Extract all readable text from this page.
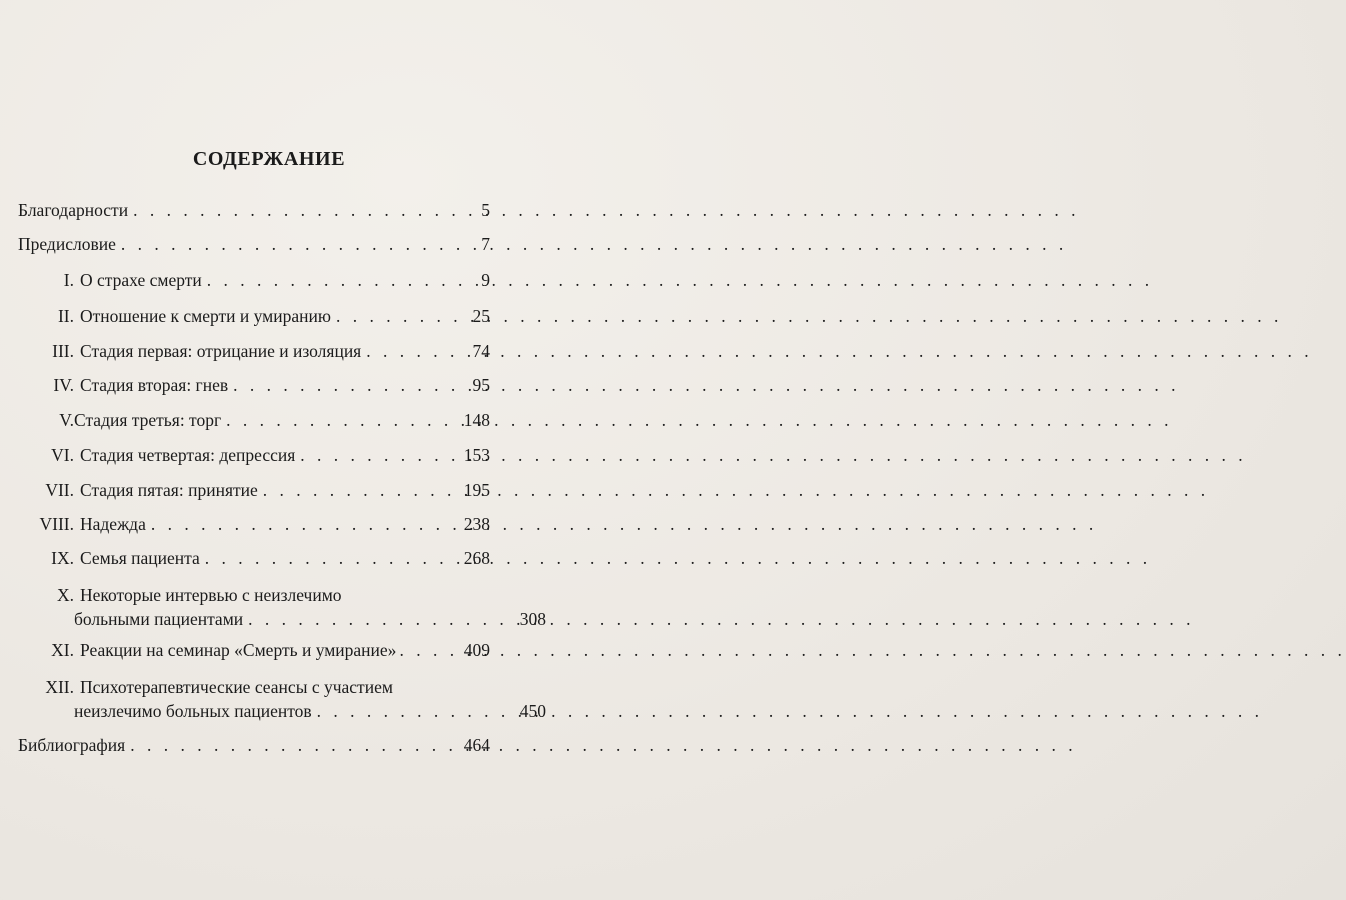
СОДЕРЖАНИЕ
Благодарности . . .	5
Предисловие . . .	7
I. О страхе смерти . . .	9
II. Отношение к смерти и умиранию . . .	25
III. Стадия первая: отрицание и изоляция . . .	74
IV. Стадия вторая: гнев . . .	95
V. Стадия третья: торг . . .	148
VI. Стадия четвертая: депрессия . . .	153
VII. Стадия пятая: принятие . . .	195
VIII. Надежда . . .	238
IX. Семья пациента . . .	268
X. Некоторые интервью с неизлечимо
больными пациентами . . .	308
XI. Реакции на семинар «Смерть и умирание» . . .	409
XII. Психотерапевтические сеансы с участием
неизлечимо больных пациентов . . .	450
Библиография . . .	464
